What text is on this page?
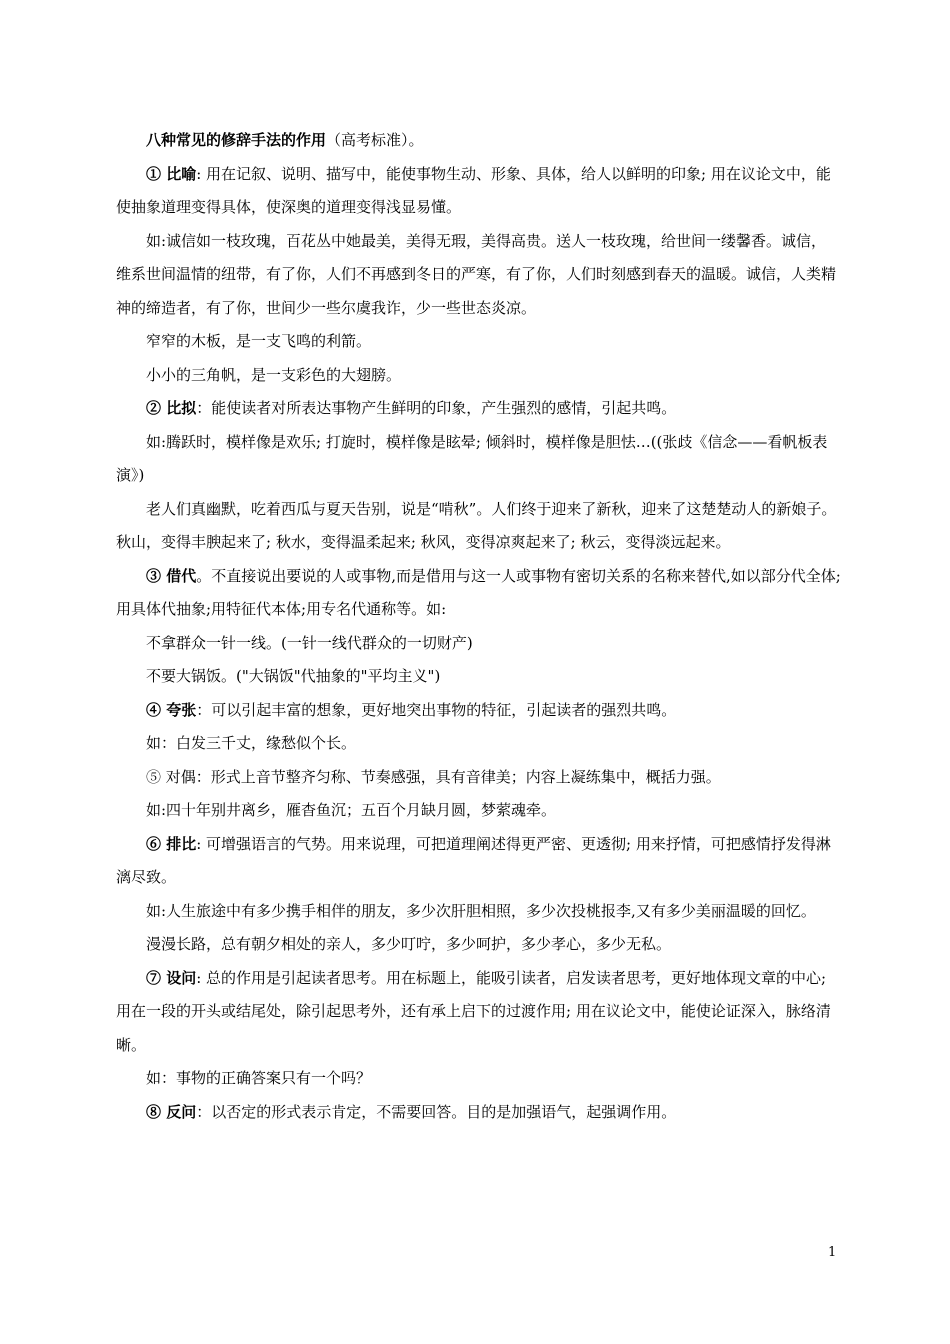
八种常见的修辞手法的作用（高考标准）。

① 比喻: 用在记叙、说明、描写中，能使事物生动、形象、具体，给人以鲜明的印象; 用在议论文中，能使抽象道理变得具体，使深奥的道理变得浅显易懂。

如:诚信如一枝玫瑰，百花丛中她最美，美得无瑕，美得高贵。送人一枝玫瑰，给世间一缕馨香。诚信，维系世间温情的纽带，有了你，人们不再感到冬日的严寒，有了你，人们时刻感到春天的温暖。诚信，人类精神的缔造者，有了你，世间少一些尔虞我诈，少一些世态炎凉。

窄窄的木板，是一支飞鸣的利箭。

小小的三角帆，是一支彩色的大翅膀。

② 比拟：能使读者对所表达事物产生鲜明的印象，产生强烈的感情，引起共鸣。

如:腾跃时，模样像是欢乐; 打旋时，模样像是眩晕; 倾斜时，模样像是胆怯…((张歧《信念——看帆板表演》)

老人们真幽默，吃着西瓜与夏天告别，说是“啃秋”。人们终于迎来了新秋，迎来了这楚楚动人的新娘子。秋山，变得丰腴起来了; 秋水，变得温柔起来; 秋风，变得凉爽起来了; 秋云，变得淡远起来。

③ 借代。不直接说出要说的人或事物,而是借用与这一人或事物有密切关系的名称来替代,如以部分代全体;用具体代抽象;用特征代本体;用专名代通称等。如:

不拿群众一针一线。(一针一线代群众的一切财产)

不要大锅饭。("大锅饭"代抽象的"平均主义")

④ 夸张：可以引起丰富的想象，更好地突出事物的特征，引起读者的强烈共鸣。

如：白发三千丈，缘愁似个长。

⑤ 对偶：形式上音节整齐匀称、节奏感强，具有音律美；内容上凝练集中，概括力强。

如:四十年别井离乡，雁杳鱼沉；五百个月缺月圆，梦萦魂牵。

⑥ 排比: 可增强语言的气势。用来说理，可把道理阐述得更严密、更透彻; 用来抒情，可把感情抒发得淋漓尽致。

如:人生旅途中有多少携手相伴的朋友，多少次肝胆相照，多少次投桃报李,又有多少美丽温暖的回忆。

漫漫长路，总有朝夕相处的亲人，多少叮咛，多少呵护，多少孝心，多少无私。

⑦ 设问: 总的作用是引起读者思考。用在标题上，能吸引读者，启发读者思考，更好地体现文章的中心; 用在一段的开头或结尾处，除引起思考外，还有承上启下的过渡作用; 用在议论文中，能使论证深入，脉络清晰。

如：事物的正确答案只有一个吗？

⑧ 反问：以否定的形式表示肯定，不需要回答。目的是加强语气，起强调作用。

1
